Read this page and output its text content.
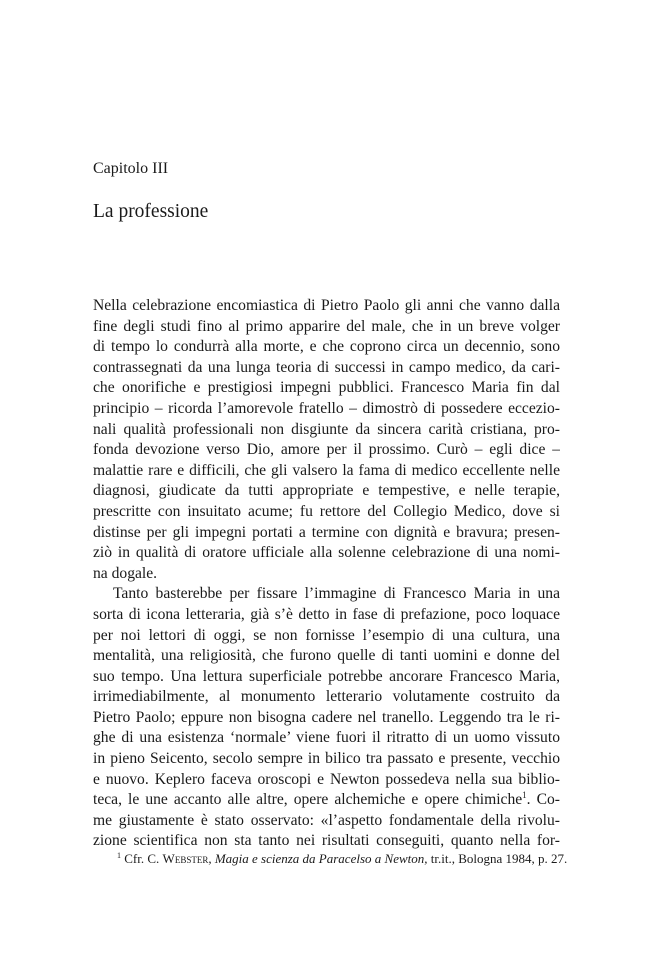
Capitolo III
La professione
Nella celebrazione encomiastica di Pietro Paolo gli anni che vanno dalla
fine degli studi fino al primo apparire del male, che in un breve volger
di tempo lo condurrà alla morte, e che coprono circa un decennio, sono
contrassegnati da una lunga teoria di successi in campo medico, da cari-
che onorifiche e prestigiosi impegni pubblici. Francesco Maria fin dal
principio – ricorda l’amorevole fratello – dimostrò di possedere eccezio-
nali qualità professionali non disgiunte da sincera carità cristiana, pro-
fonda devozione verso Dio, amore per il prossimo. Curò – egli dice –
malattie rare e difficili, che gli valsero la fama di medico eccellente nelle
diagnosi, giudicate da tutti appropriate e tempestive, e nelle terapie,
prescritte con insuitato acume; fu rettore del Collegio Medico, dove si
distinse per gli impegni portati a termine con dignità e bravura; presen-
ziò in qualità di oratore ufficiale alla solenne celebrazione di una nomi-
na dogale.
Tanto basterebbe per fissare l’immagine di Francesco Maria in una
sorta di icona letteraria, già s’è detto in fase di prefazione, poco loquace
per noi lettori di oggi, se non fornisse l’esempio di una cultura, una
mentalità, una religiosità, che furono quelle di tanti uomini e donne del
suo tempo. Una lettura superficiale potrebbe ancorare Francesco Maria,
irrimediabilmente, al monumento letterario volutamente costruito da
Pietro Paolo; eppure non bisogna cadere nel tranello. Leggendo tra le ri-
ghe di una esistenza ‘normale’ viene fuori il ritratto di un uomo vissuto
in pieno Seicento, secolo sempre in bilico tra passato e presente, vecchio
e nuovo. Keplero faceva oroscopi e Newton possedeva nella sua biblio-
teca, le une accanto alle altre, opere alchemiche e opere chimiche$^1$. Co-
me giustamente è stato osservato: «l’aspetto fondamentale della rivolu-
zione scientifica non sta tanto nei risultati conseguiti, quanto nella for-
$^1$ Cfr. C. Webster, Magia e scienza da Paracelso a Newton, tr.it., Bologna 1984, p. 27.
